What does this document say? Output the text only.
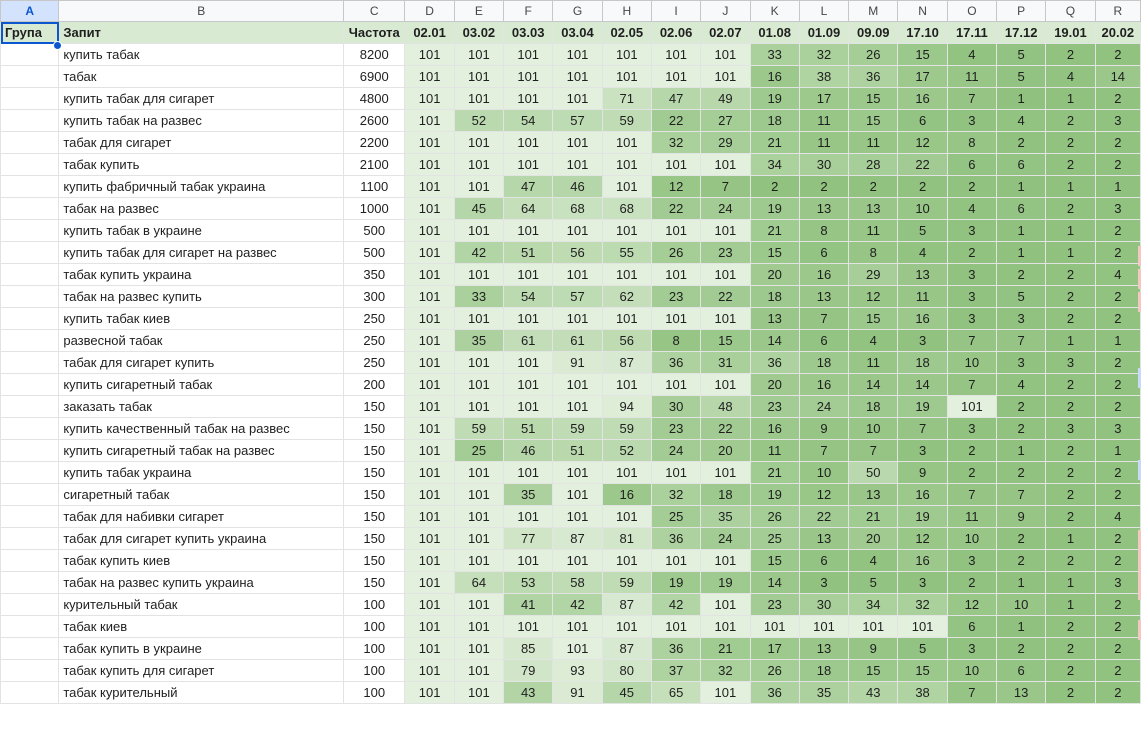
A	B	C	D	E	F	G	H	I	J	K	L	M	N	O	P	Q	R
Група	Запит	Частота	02.01	03.02	03.03	03.04	02.05	02.06	02.07	01.08	01.09	09.09	17.10	17.11	17.12	19.01	20.02
	купить табак	8200	101	101	101	101	101	101	101	33	32	26	15	4	5	2	2
	табак	6900	101	101	101	101	101	101	101	16	38	36	17	11	5	4	14
	купить табак для сигарет	4800	101	101	101	101	71	47	49	19	17	15	16	7	1	1	2
	купить табак на развес	2600	101	52	54	57	59	22	27	18	11	15	6	3	4	2	3
	табак для сигарет	2200	101	101	101	101	101	32	29	21	11	11	12	8	2	2	2
	табак купить	2100	101	101	101	101	101	101	101	34	30	28	22	6	6	2	2
	купить фабричный табак украина	1100	101	101	47	46	101	12	7	2	2	2	2	2	1	1	1
	табак на развес	1000	101	45	64	68	68	22	24	19	13	13	10	4	6	2	3
	купить табак в украине	500	101	101	101	101	101	101	101	21	8	11	5	3	1	1	2
	купить табак для сигарет на развес	500	101	42	51	56	55	26	23	15	6	8	4	2	1	1	2
	табак купить украина	350	101	101	101	101	101	101	101	20	16	29	13	3	2	2	4
	табак на развес купить	300	101	33	54	57	62	23	22	18	13	12	11	3	5	2	2
	купить табак киев	250	101	101	101	101	101	101	101	13	7	15	16	3	3	2	2
	развесной табак	250	101	35	61	61	56	8	15	14	6	4	3	7	7	1	1
	табак для сигарет купить	250	101	101	101	91	87	36	31	36	18	11	18	10	3	3	2
	купить сигаретный табак	200	101	101	101	101	101	101	101	20	16	14	14	7	4	2	2
	заказать табак	150	101	101	101	101	94	30	48	23	24	18	19	101	2	2	2
	купить качественный табак на развес	150	101	59	51	59	59	23	22	16	9	10	7	3	2	3	3
	купить сигаретный табак на развес	150	101	25	46	51	52	24	20	11	7	7	3	2	1	2	1
	купить табак украина	150	101	101	101	101	101	101	101	21	10	50	9	2	2	2	2
	сигаретный табак	150	101	101	35	101	16	32	18	19	12	13	16	7	7	2	2
	табак для набивки сигарет	150	101	101	101	101	101	25	35	26	22	21	19	11	9	2	4
	табак для сигарет купить украина	150	101	101	77	87	81	36	24	25	13	20	12	10	2	1	2
	табак купить киев	150	101	101	101	101	101	101	101	15	6	4	16	3	2	2	2
	табак на развес купить украина	150	101	64	53	58	59	19	19	14	3	5	3	2	1	1	3
	курительный табак	100	101	101	41	42	87	42	101	23	30	34	32	12	10	1	2
	табак киев	100	101	101	101	101	101	101	101	101	101	101	101	6	1	2	2
	табак купить в украине	100	101	101	85	101	87	36	21	17	13	9	5	3	2	2	2
	табак купить для сигарет	100	101	101	79	93	80	37	32	26	18	15	15	10	6	2	2
	табак курительный	100	101	101	43	91	45	65	101	36	35	43	38	7	13	2	2
